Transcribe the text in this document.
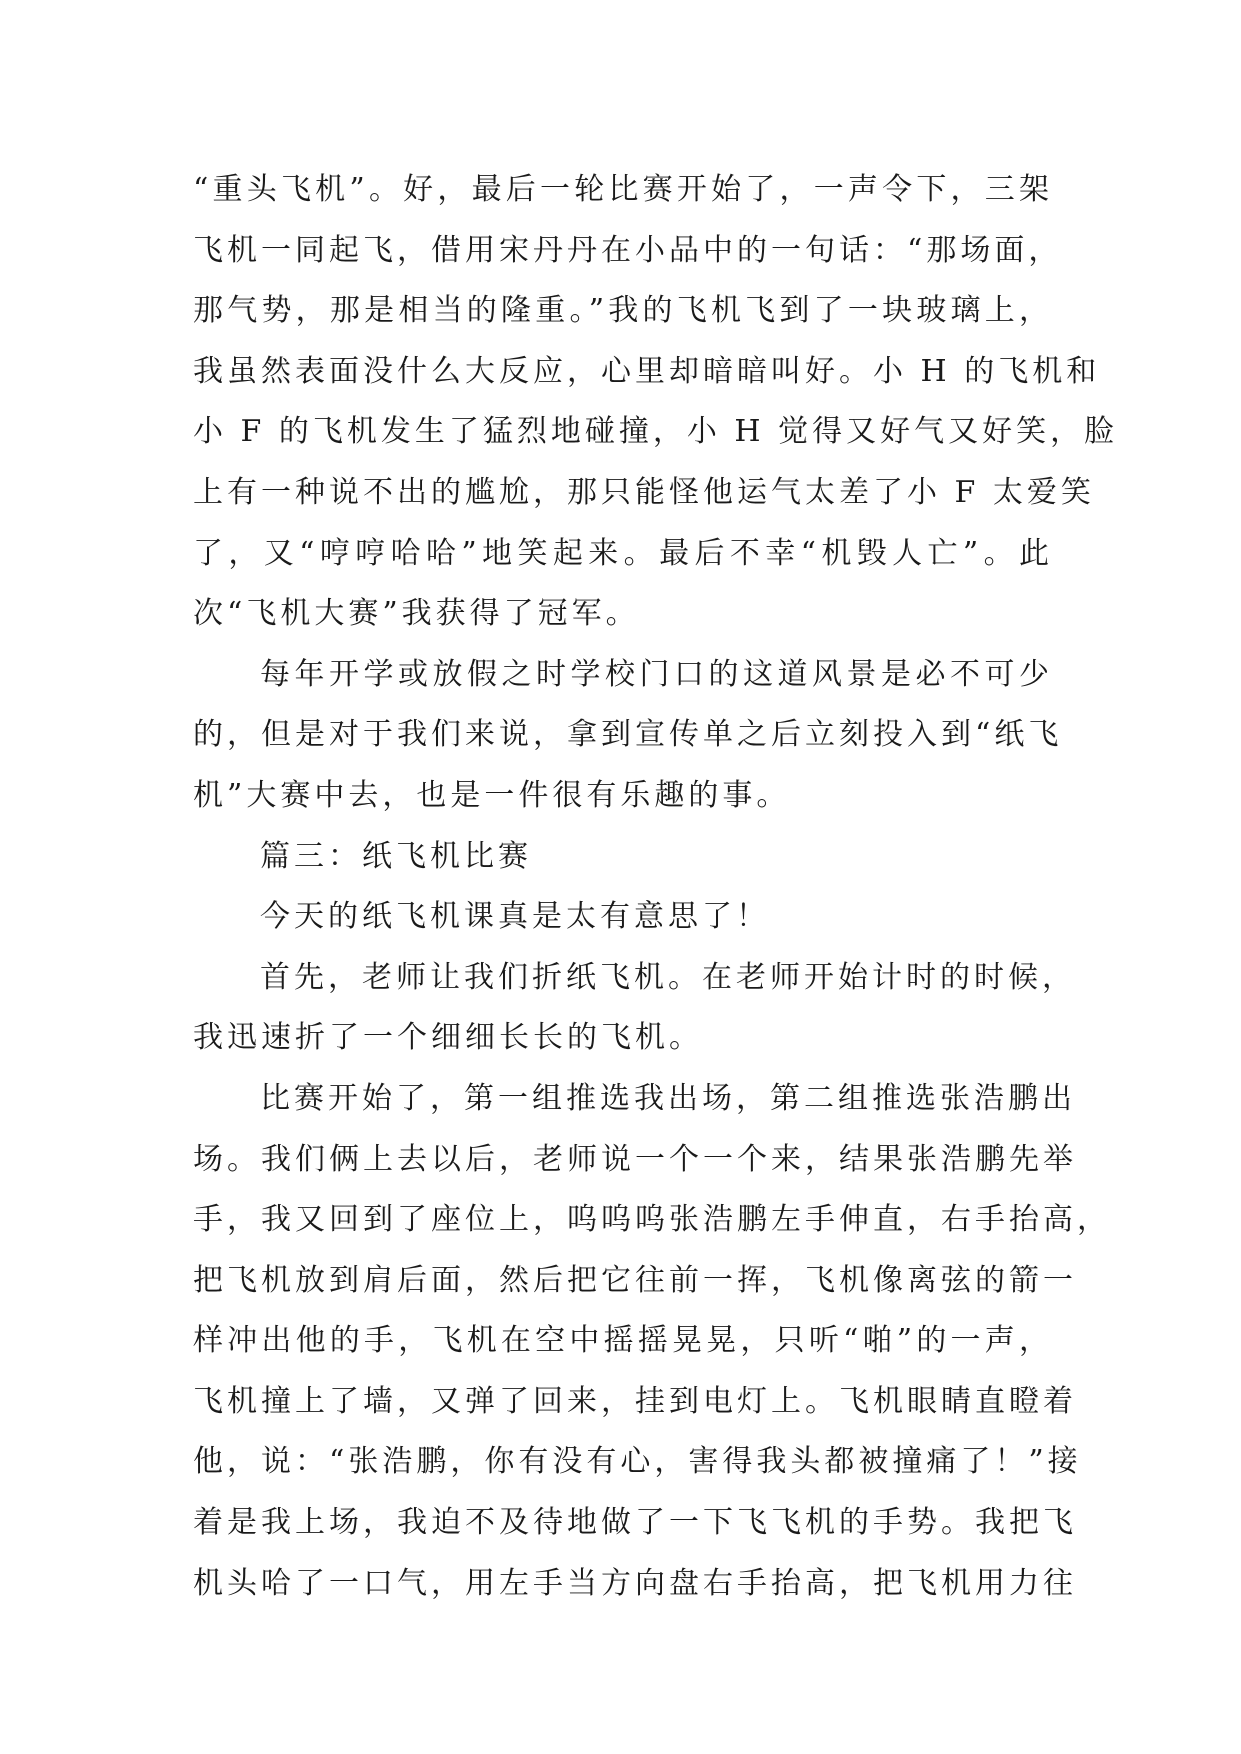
“重头飞机”。好，最后一轮比赛开始了，一声令下，三架
飞机一同起飞，借用宋丹丹在小品中的一句话：“那场面，
那气势，那是相当的隆重。”我的飞机飞到了一块玻璃上，
我虽然表面没什么大反应，心里却暗暗叫好。小 H 的飞机和
小 F 的飞机发生了猛烈地碰撞，小 H 觉得又好气又好笑，脸
上有一种说不出的尴尬，那只能怪他运气太差了小 F 太爱笑
了，又“哼哼哈哈”地笑起来。最后不幸“机毁人亡”。此
次“飞机大赛”我获得了冠军。
每年开学或放假之时学校门口的这道风景是必不可少
的，但是对于我们来说，拿到宣传单之后立刻投入到“纸飞
机”大赛中去，也是一件很有乐趣的事。
篇三：纸飞机比赛
今天的纸飞机课真是太有意思了！
首先，老师让我们折纸飞机。在老师开始计时的时候，
我迅速折了一个细细长长的飞机。
比赛开始了，第一组推选我出场，第二组推选张浩鹏出
场。我们俩上去以后，老师说一个一个来，结果张浩鹏先举
手，我又回到了座位上，呜呜呜张浩鹏左手伸直，右手抬高，
把飞机放到肩后面，然后把它往前一挥，飞机像离弦的箭一
样冲出他的手，飞机在空中摇摇晃晃，只听“啪”的一声，
飞机撞上了墙，又弹了回来，挂到电灯上。飞机眼睛直瞪着
他，说：“张浩鹏，你有没有心，害得我头都被撞痛了！”接
着是我上场，我迫不及待地做了一下飞飞机的手势。我把飞
机头哈了一口气，用左手当方向盘右手抬高，把飞机用力往
